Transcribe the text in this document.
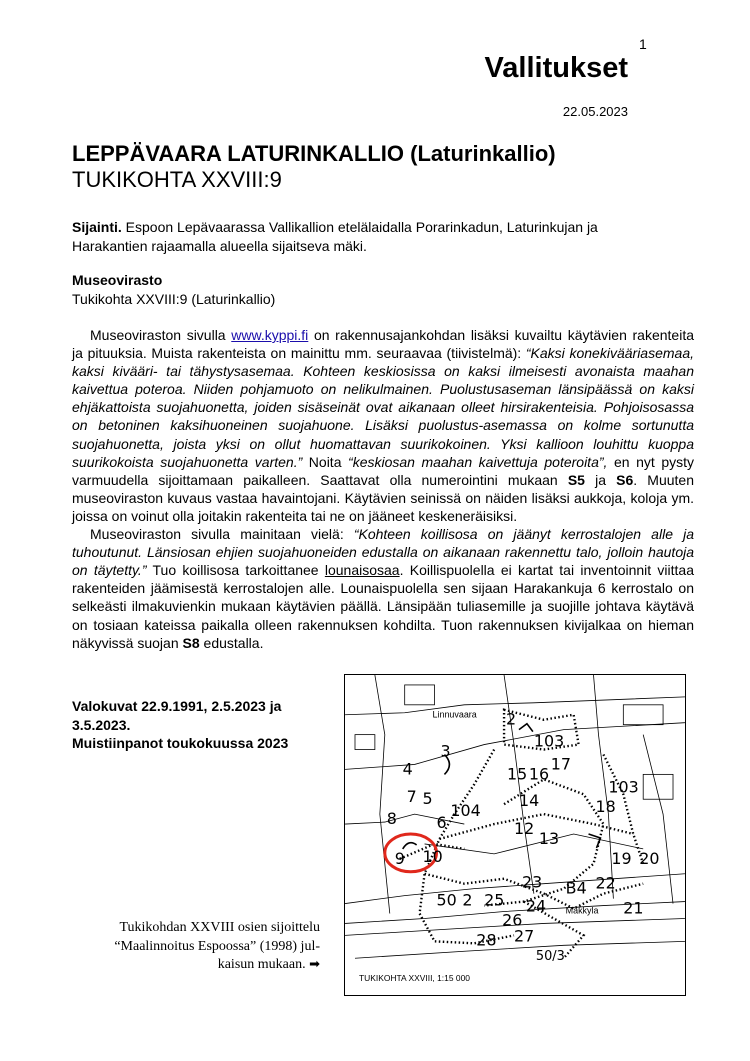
1
Vallitukset
22.05.2023
LEPPÄVAARA LATURINKALLIO (Laturinkallio)
TUKIKOHTA XXVIII:9
Sijainti. Espoon Lepävaarassa Vallikallion etelälaidalla Porarinkadun, Laturinkujan ja Harakantien rajaamalla alueella sijaitseva mäki.
Museovirasto
Tukikohta XXVIII:9 (Laturinkallio)

Museoviraston sivulla www.kyppi.fi on rakennusajankohdan lisäksi kuvailtu käytävien rakenteita ja pituuksia. Muista rakenteista on mainittu mm. seuraavaa (tiivistelmä): “Kaksi konekivääriasemaa, kaksi kivääri- tai tähystysasemaa. Kohteen keskiosissa on kaksi ilmeisesti avonaista maahan kaivettua poteroa. Niiden pohjamuoto on nelikulmainen. Puolustusaseman länsipäässä on kaksi ehjäkattoista suojahuonetta, joiden sisäseinät ovat aikanaan olleet hirsirakenteisia. Pohjoisosassa on betoninen kaksihuoneinen suojahuone. Lisäksi puolustus-asemassa on kolme sortunutta suojahuonetta, joista yksi on ollut huomattavan suurikokoinen. Yksi kallioon louhittu kuoppa suurikokoista suojahuonetta varten.” Noita “keskiosan maahan kaivettuja poteroita”, en nyt pysty varmuudella sijoittamaan paikalleen. Saattavat olla numerointini mukaan S5 ja S6. Muuten museoviraston kuvaus vastaa havaintojani. Käytävien seinissä on näiden lisäksi aukkoja, koloja ym. joissa on voinut olla joitakin rakenteita tai ne on jääneet keskeneräisiksi.

Museoviraston sivulla mainitaan vielä: “Kohteen koillisosa on jäänyt kerrostalojen alle ja tuhoutunut. Länsiosan ehjien suojahuoneiden edustalla on aikanaan rakennettu talo, jolloin hautoja on täytetty.” Tuo koillisosa tarkoittanee lounaisosaa. Koillispuolella ei kartat tai inventoinnit viittaa rakenteiden jäämisestä kerrostalojen alle. Lounaispuolella sen sijaan Harakankuja 6 kerrostalo on selkeästi ilmakuvienkin mukaan käytävien päällä. Länsipään tuliasemille ja suojille johtava käytävä on tosiaan kateissa paikalla olleen rakennuksen kohdilta. Tuon rakennuksen kivijalkaa on hieman näkyvissä suojan S8 edustalla.

Valokuvat 22.9.1991, 2.5.2023 ja
3.5.2023.
Muistiinpanot toukokuussa 2023
Tukikohdan XXVIII osien sijoittelu
“Maalinnoitus Espoossa” (1998) jul-
kaisun mukaan. ➡
Linnuvaara
Makkyla
2
103
3
4	17
15 16
7 5	14	18
103
8	104
6	12
13
9 10	19 20
23 B4 22
50 2 25 24	21
26
27
28
50/3
TUKIKOHTA XXVIII, 1:15 000
